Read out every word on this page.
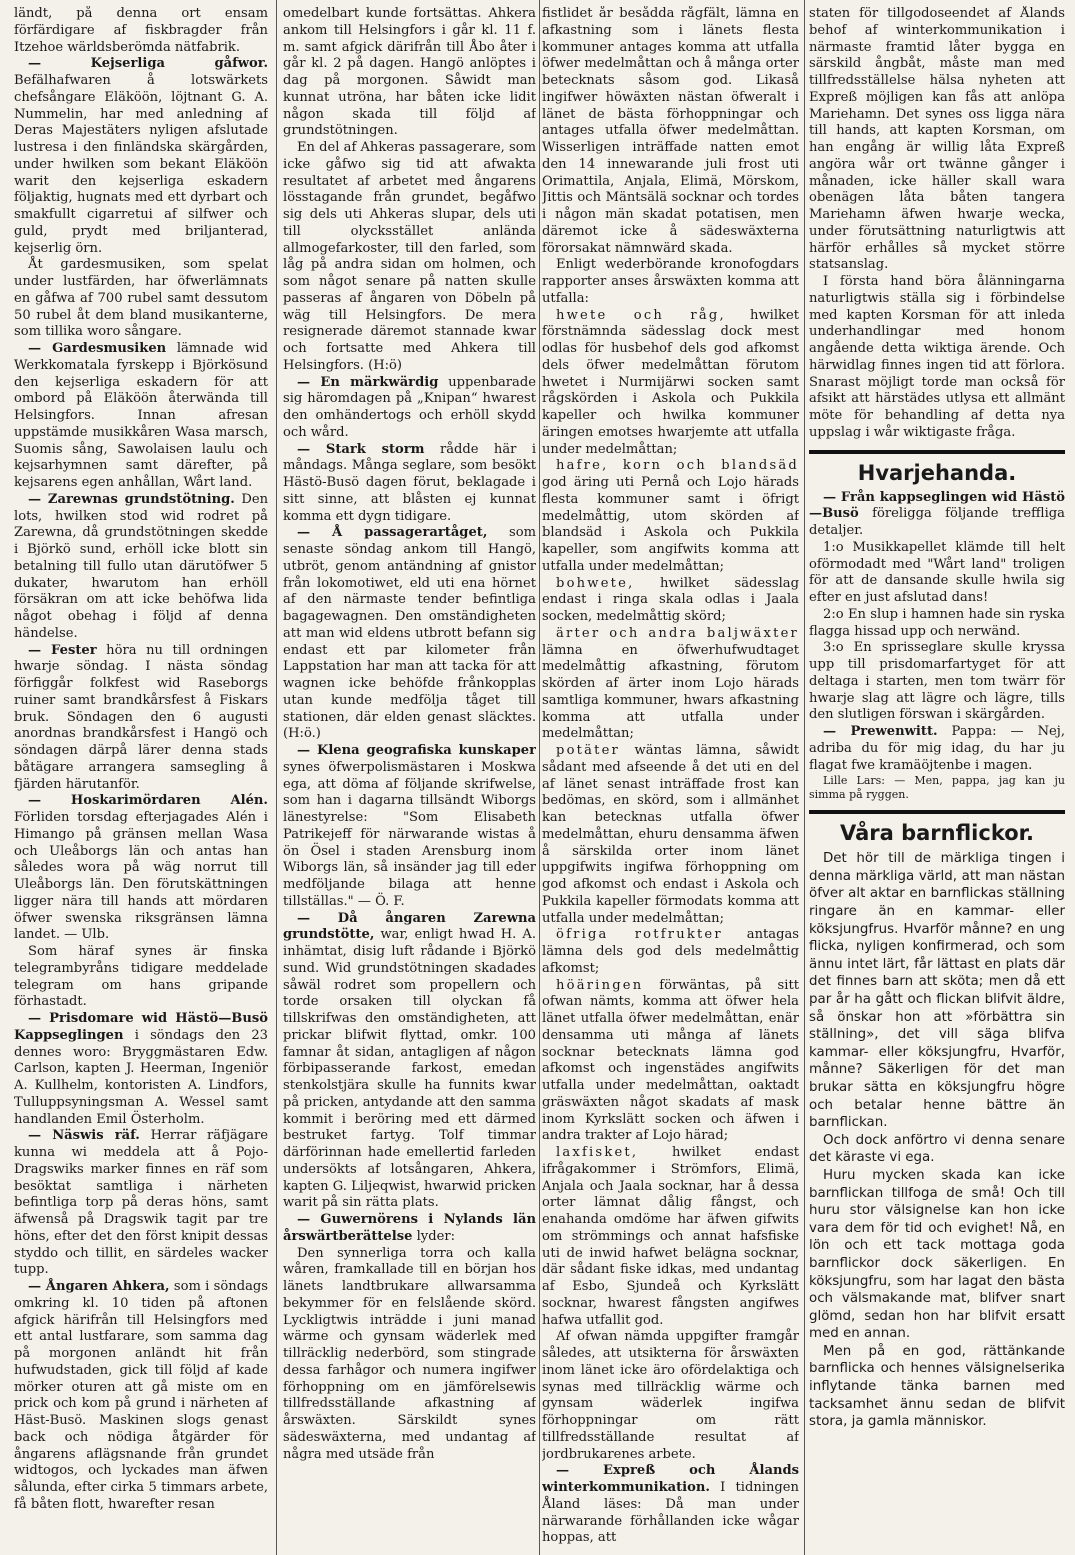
ländt, på denna ort ensam förfärdigare af fiskbragder från Itzehoe wärldsberömda nätfabrik.

— Kejserliga gåfwor. Befälhafwaren å lotswärkets chefsångare Eläköön, löjtnant G. A. Nummelin, har med anledning af Deras Majestäters nyligen afslutade lustresa i den finländska skärgården, under hwilken som bekant Eläköön warit den kejserliga eskadern följaktig, hugnats med ett dyrbart och smakfullt cigarretui af silfwer och guld, prydt med briljanterad, kejserlig örn.

Åt gardesmusiken, som spelat under lustfärden, har öfwerlämnats en gåfwa af 700 rubel samt dessutom 50 rubel åt dem bland musikanterne, som tillika woro sångare.

— Gardesmusiken lämnade wid Werkkomatala fyrskepp i Björkösund den kejserliga eskadern för att ombord på Eläköön återwända till Helsingfors. Innan afresan uppstämde musikkåren Wasa marsch, Suomis sång, Sawolaisen laulu och kejsarhymnen samt därefter, på kejsarens egen anhållan, Wårt land.

— Zarewnas grundstötning. Den lots, hwilken stod wid rodret på Zarewna, då grundstötningen skedde i Björkö sund, erhöll icke blott sin betalning till fullo utan därutöfwer 5 dukater, hwarutom han erhöll försäkran om att icke behöfwa lida något obehag i följd af denna händelse.

— Fester höra nu till ordningen hwarje söndag. I nästa söndag förfiggår folkfest wid Raseborgs ruiner samt brandkårsfest å Fiskars bruk. Söndagen den 6 augusti anordnas brandkårsfest i Hangö och söndagen därpå lärer denna stads båtägare arrangera samsegling å fjärden härutanför.

— Hoskarimördaren Alén. Förliden torsdag efterjagades Alén i Himango på gränsen mellan Wasa och Uleåborgs län och antas han således wora på wäg norrut till Uleåborgs län. Den förutskättningen ligger nära till hands att mördaren öfwer swenska riksgränsen lämna landet. — Ulb.

Som häraf synes är finska telegrambyråns tidigare meddelade telegram om hans gripande förhastadt.

— Prisdomare wid Hästö—Busö Kappseglingen i söndags den 23 dennes woro: Bryggmästaren Edw. Carlson, kapten J. Heerman, Ingeniör A. Kullhelm, kontoristen A. Lindfors, Tulluppsyningsman A. Wessel samt handlanden Emil Österholm.

— Näswis räf. Herrar räfjägare kunna wi meddela att å Pojo-Dragswiks marker finnes en räf som besöktat samtliga i närheten befintliga torp på deras höns, samt äfwenså på Dragswik tagit par tre höns, efter det den först knipit dessas styddo och tillit, en särdeles wacker tupp.

— Ångaren Ahkera, som i söndags omkring kl. 10 tiden på aftonen afgick härifrån till Helsingfors med ett antal lustfarare, som samma dag på morgonen anländt hit från hufwudstaden, gick till följd af kade mörker oturen att gå miste om en prick och kom på grund i närheten af Häst-Busö. Maskinen slogs genast back och nödiga åtgärder för ångarens aflägsnande från grundet widtogos, och lyckades man äfwen sålunda, efter cirka 5 timmars arbete, få båten flott, hwarefter resan

omedelbart kunde fortsättas. Ahkera ankom till Helsingfors i går kl. 11 f. m. samt afgick därifrån till Åbo åter i går kl. 2 på dagen. Hangö anlöptes i dag på morgonen. Såwidt man kunnat utröna, har båten icke lidit någon skada till följd af grundstötningen.

En del af Ahkeras passagerare, som icke gåfwo sig tid att afwakta resultatet af arbetet med ångarens lösstagande från grundet, begåfwo sig dels uti Ahkeras slupar, dels uti till olycksstället anlända allmogefarkoster, till den farled, som låg på andra sidan om holmen, och som något senare på natten skulle passeras af ångaren von Döbeln på wäg till Helsingfors. De mera resignerade däremot stannade kwar och fortsatte med Ahkera till Helsingfors. (H:ö)

— En märkwärdig uppenbarade sig häromdagen på „Knipan“ hwarest den omhändertogs och erhöll skydd och wård.

— Stark storm rådde här i måndags. Många seglare, som besökt Hästö-Busö dagen förut, beklagade i sitt sinne, att blåsten ej kunnat komma ett dygn tidigare.

— Å passagerartåget, som senaste söndag ankom till Hangö, utbröt, genom antändning af gnistor från lokomotiwet, eld uti ena hörnet af den närmaste tender befintliga bagagewagnen. Den omständigheten att man wid eldens utbrott befann sig endast ett par kilometer från Lappstation har man att tacka för att wagnen icke behöfde frånkopplas utan kunde medfölja tåget till stationen, där elden genast släcktes. (H:ö.)

— Klena geografiska kunskaper synes öfwerpolismästaren i Moskwa ega, att döma af följande skrifwelse, som han i dagarna tillsändt Wiborgs länestyrelse: "Som Elisabeth Patrikejeff för närwarande wistas å ön Ösel i staden Arensburg inom Wiborgs län, så insänder jag till eder medföljande bilaga att henne tillställas." — Ö. F.

— Då ångaren Zarewna grundstötte, war, enligt hwad H. A. inhämtat, disig luft rådande i Björkö sund. Wid grundstötningen skadades såwäl rodret som propellern och torde orsaken till olyckan få tillskrifwas den omständigheten, att prickar blifwit flyttad, omkr. 100 famnar åt sidan, antagligen af någon förbipasserande farkost, emedan stenkolstjära skulle ha funnits kwar på pricken, antydande att den samma kommit i beröring med ett därmed bestruket fartyg. Tolf timmar därförinnan hade emellertid farleden undersökts af lotsångaren, Ahkera, kapten G. Liljeqwist, hwarwid pricken warit på sin rätta plats.

— Guwernörens i Nylands län årswärtberättelse lyder:

Den synnerliga torra och kalla wåren, framkallade till en början hos länets landtbrukare allwarsamma bekymmer för en felslående skörd. Lyckligtwis inträdde i juni manad wärme och gynsam wäderlek med tillräcklig nederbörd, som stingrade dessa farhågor och numera ingifwer förhoppning om en jämförelsewis tillfredsställande afkastning af årswäxten. Särskildt synes sädeswäxterna, med undantag af några med utsäde från

fistlidet år besådda rågfält, lämna en afkastning som i länets flesta kommuner antages komma att utfalla öfwer medelmåttan och å många orter betecknats såsom god. Likaså ingifwer höwäxten nästan öfweralt i länet de bästa förhoppningar och antages utfalla öfwer medelmåttan. Wisserligen inträffade natten emot den 14 innewarande juli frost uti Orimattila, Anjala, Elimä, Mörskom, Jittis och Mäntsälä socknar och tordes i någon män skadat potatisen, men däremot icke å sädeswäxterna förorsakat nämnwärd skada.

Enligt wederbörande kronofogdars rapporter anses årswäxten komma att utfalla:

hwete och råg, hwilket förstnämnda sädesslag dock mest odlas för husbehof dels god afkomst dels öfwer medelmåttan förutom hwetet i Nurmijärwi socken samt rågskörden i Askola och Pukkila kapeller och hwilka kommuner äringen emotses hwarjemte att utfalla under medelmåttan;

hafre, korn och blandsäd god äring uti Pernå och Lojo härads flesta kommuner samt i öfrigt medelmåttig, utom skörden af blandsäd i Askola och Pukkila kapeller, som angifwits komma att utfalla under medelmåttan;

bohwete, hwilket sädesslag endast i ringa skala odlas i Jaala socken, medelmåttig skörd;

ärter och andra baljwäxter lämna en öfwerhufwudtaget medelmåttig afkastning, förutom skörden af ärter inom Lojo härads samtliga kommuner, hwars afkastning komma att utfalla under medelmåttan;

potäter wäntas lämna, såwidt sådant med afseende å det uti en del af länet senast inträffade frost kan bedömas, en skörd, som i allmänhet kan betecknas utfalla öfwer medelmåttan, ehuru densamma äfwen å särskilda orter inom länet uppgifwits ingifwa förhoppning om god afkomst och endast i Askola och Pukkila kapeller förmodats komma att utfalla under medelmåttan;

öfriga rotfrukter antagas lämna dels god dels medelmåttig afkomst;

höäringen förwäntas, på sitt ofwan nämts, komma att öfwer hela länet utfalla öfwer medelmåttan, enär densamma uti många af länets socknar betecknats lämna god afkomst och ingenstädes angifwits utfalla under medelmåttan, oaktadt gräswäxten något skadats af mask inom Kyrkslätt socken och äfwen i andra trakter af Lojo härad;

laxfisket,	hwilket endast ifrågakommer i Strömfors, Elimä, Anjala och Jaala socknar, har å dessa orter lämnat dålig fångst, och enahanda omdöme har äfwen gifwits om strömmings och annat hafsfiske uti de inwid hafwet belägna socknar, där sådant fiske idkas, med undantag af Esbo, Sjundeå och Kyrkslätt socknar, hwarest fångsten angifwes hafwa utfallit god.

Af ofwan nämda uppgifter framgår således, att utsikterna för årswäxten inom länet icke äro ofördelaktiga och synas med tillräcklig wärme och gynsam wäderlek ingifwa förhoppningar om rätt tillfredsställande resultat af jordbrukarenes arbete.

— Expreß och Ålands winterkommunikation. I tidningen Åland läses: Då man under närwarande förhållanden icke wågar hoppas, att

staten för tillgodoseendet af Ålands behof af winterkommunikation i närmaste framtid låter bygga en särskild ångbåt, måste man med tillfredsställelse hälsa nyheten att Expreß möjligen kan fås att anlöpa Mariehamn. Det synes oss ligga nära till hands, att kapten Korsman, om han engång är willig låta Expreß angöra wår ort twänne gånger i månaden, icke häller skall wara obenägen låta båten tangera Mariehamn äfwen hwarje wecka, under förutsättning naturligtwis att härför erhålles så mycket större statsanslag.

I första hand böra ålänningarna naturligtwis ställa sig i förbindelse med kapten Korsman för att inleda underhandlingar med honom angående detta wiktiga ärende. Och härwidlag finnes ingen tid att förlora. Snarast möjligt torde man också för afsikt att härstädes utlysa ett allmänt möte för behandling af detta nya uppslag i wår wiktigaste fråga.

Hvarjehanda.

— Från kappseglingen wid Hästö—Busö föreligga följande treffliga detaljer.

1:o Musikkapellet klämde till helt oförmodadt med "Wårt land" troligen för att de dansande skulle hwila sig efter en just afslutad dans!

2:o En slup i hamnen hade sin ryska flagga hissad upp och nerwänd.

3:o En sprisseglare skulle kryssa upp till prisdomarfartyget för att deltaga i starten, men tom twärr för hwarje slag att lägre och lägre, tills den slutligen förswan i skärgården.

— Prewenwitt. Pappa: — Nej, adriba du för mig idag, du har ju flagat fwe kramäöjtenbe i magen.

Lille Lars: — Men, pappa, jag kan ju simma på ryggen.

Våra barnflickor.

Det hör till de märkliga tingen i denna märkliga värld, att man nästan öfver alt aktar en barnflickas ställning ringare än en kammar- eller köksjungfrus. Hvarför månne? en ung flicka, nyligen konfirmerad, och som ännu intet lärt, får lättast en plats där det finnes barn att sköta; men då ett par år ha gått och flickan blifvit äldre, så önskar hon att »förbättra sin ställning», det vill säga blifva kammar- eller köksjungfru, Hvarför, månne? Säkerligen för det man brukar sätta en köksjungfru högre och betalar henne bättre än barnflickan.

Och dock anförtro vi denna senare det käraste vi ega.

Huru mycken skada kan icke barnflickan tillfoga de små! Och till huru stor välsignelse kan hon icke vara dem för tid och evighet! Nå, en lön och ett tack mottaga goda barnflickor dock säkerligen. En köksjungfru, som har lagat den bästa och välsmakande mat, blifver snart glömd, sedan hon har blifvit ersatt med en annan.

Men på en god, rättänkande barnflicka och hennes välsignelserika inflytande tänka barnen med tacksamhet ännu sedan de blifvit stora, ja gamla människor.
